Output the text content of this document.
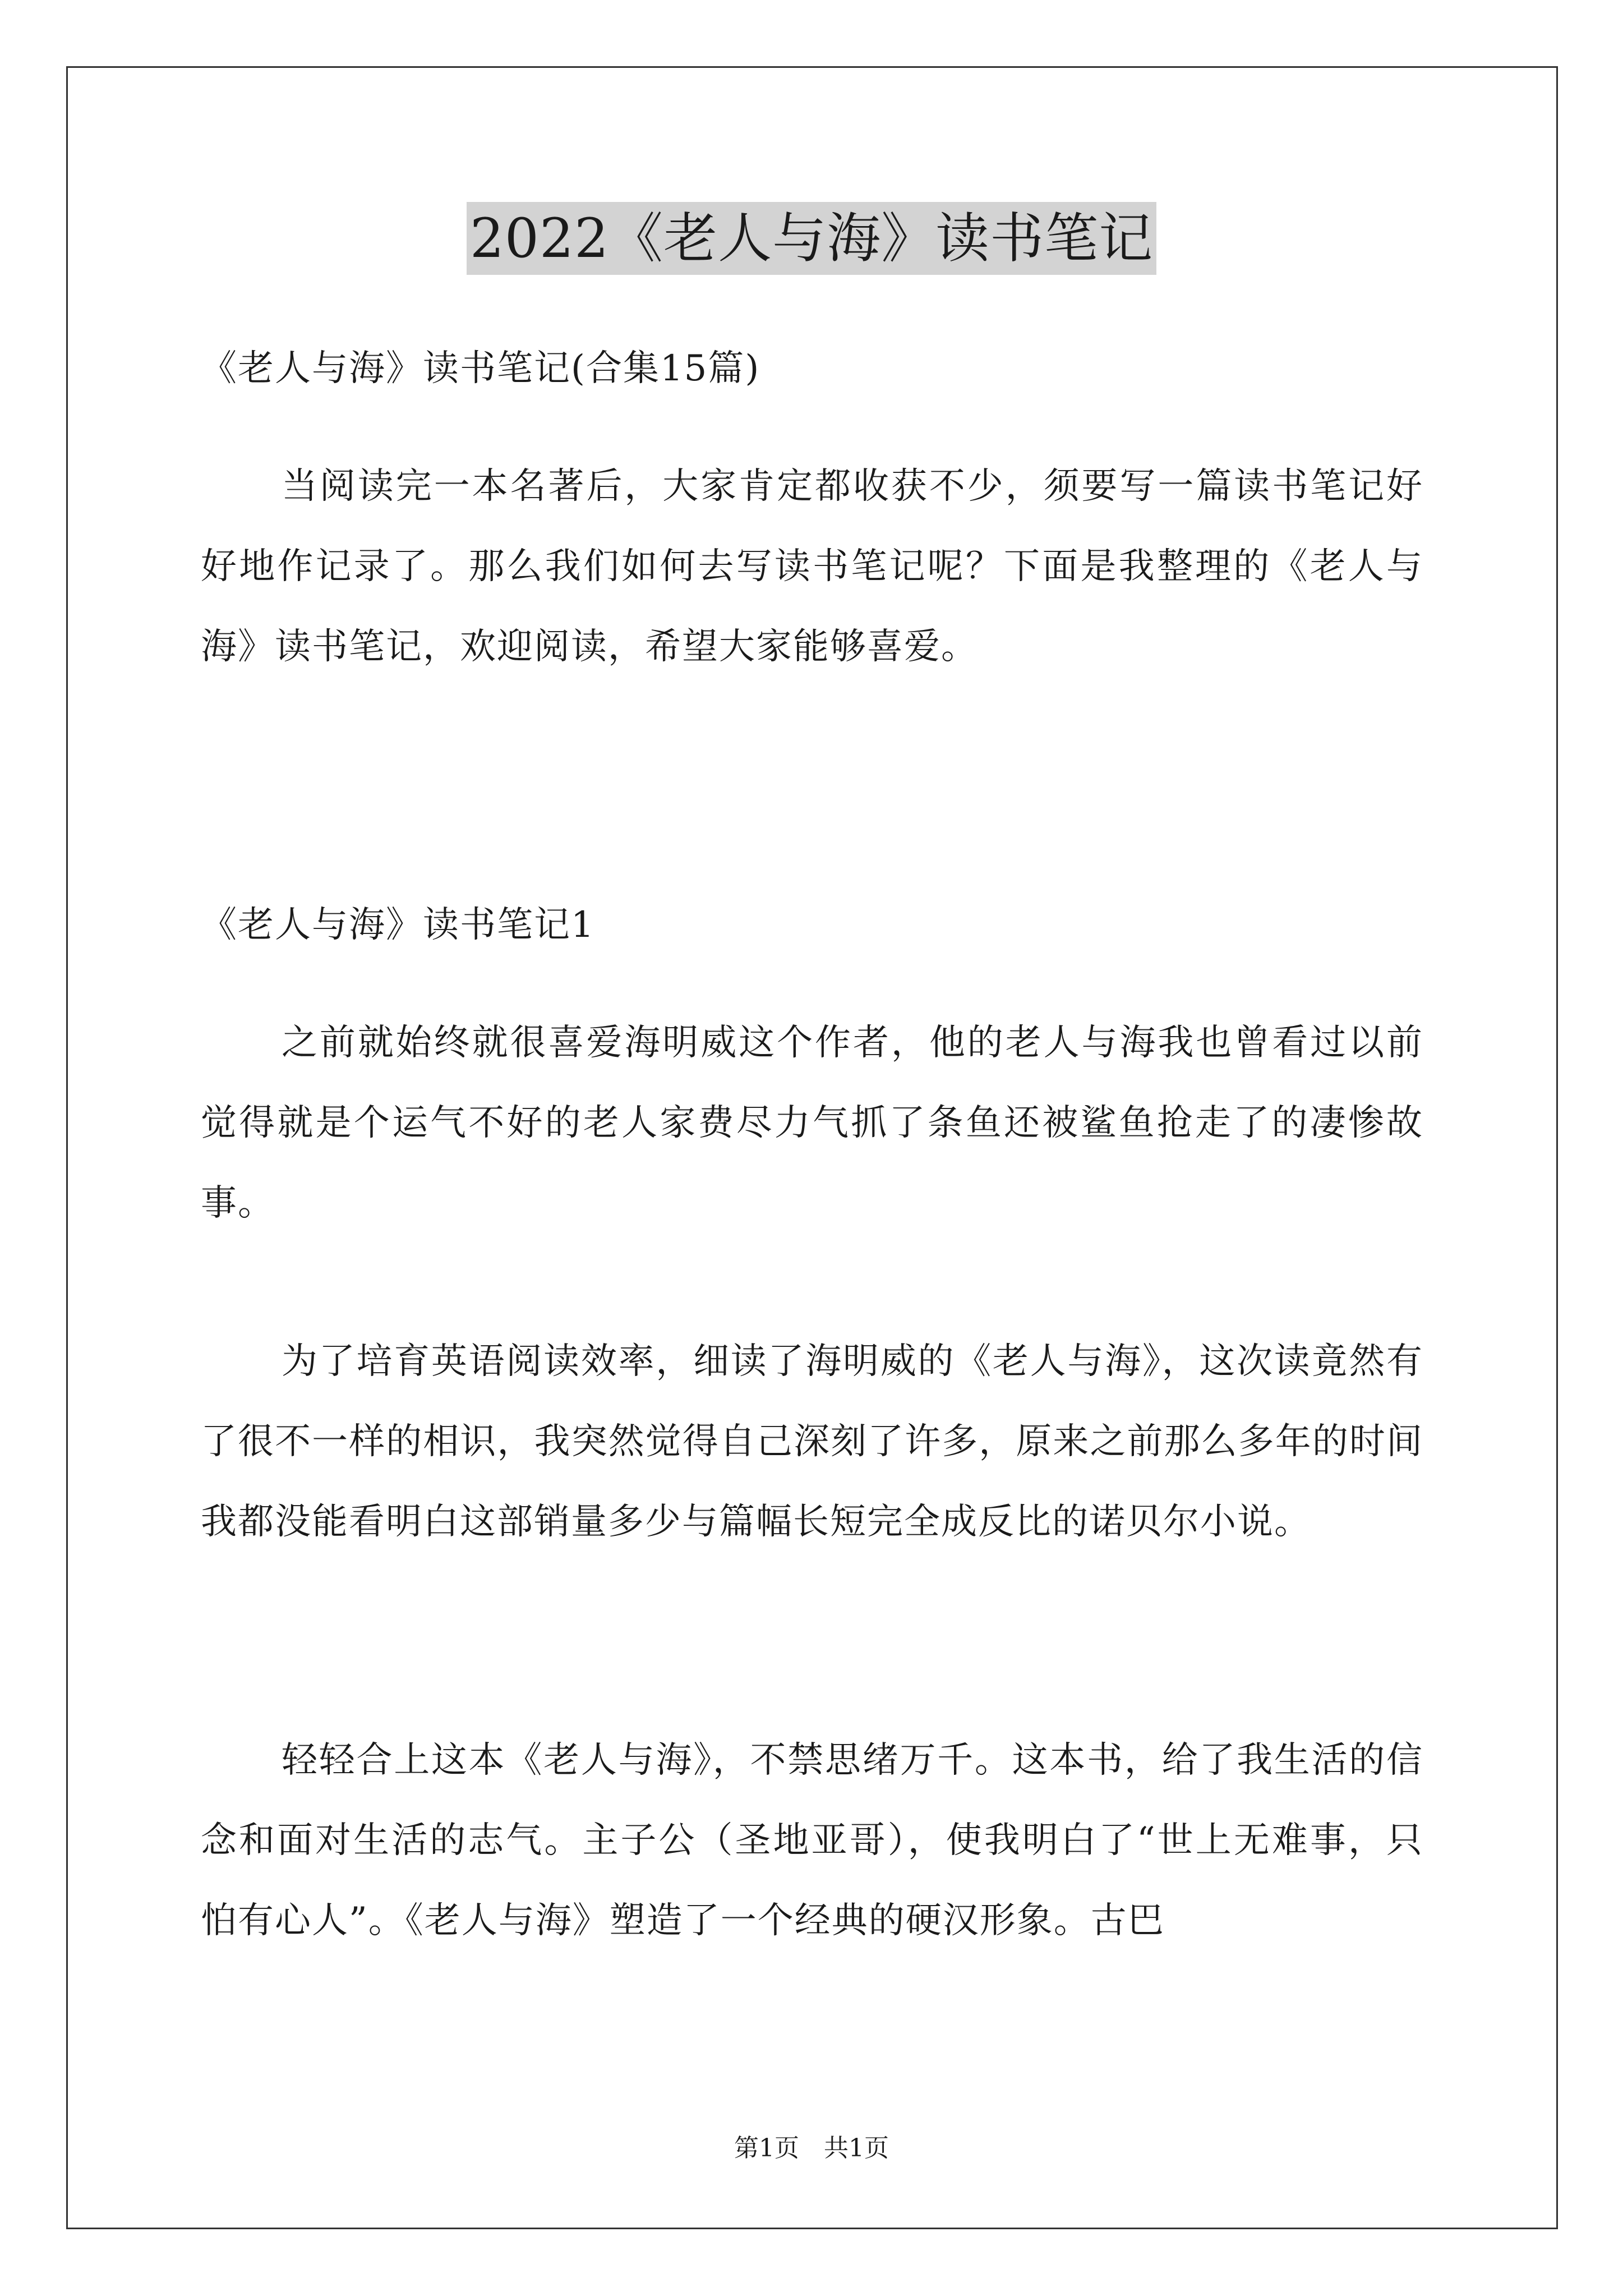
2022《老人与海》读书笔记
《老人与海》读书笔记(合集15篇)
当阅读完一本名著后，大家肯定都收获不少，须要写一篇读书笔记好好地作记录了。那么我们如何去写读书笔记呢？下面是我整理的《老人与海》读书笔记，欢迎阅读，希望大家能够喜爱。
《老人与海》读书笔记1
之前就始终就很喜爱海明威这个作者，他的老人与海我也曾看过以前觉得就是个运气不好的老人家费尽力气抓了条鱼还被鲨鱼抢走了的凄惨故事。
为了培育英语阅读效率，细读了海明威的《老人与海》，这次读竟然有了很不一样的相识，我突然觉得自己深刻了许多，原来之前那么多年的时间我都没能看明白这部销量多少与篇幅长短完全成反比的诺贝尔小说。
轻轻合上这本《老人与海》，不禁思绪万千。这本书，给了我生活的信念和面对生活的志气。主子公（圣地亚哥），使我明白了“世上无难事，只怕有心人”。《老人与海》塑造了一个经典的硬汉形象。古巴
第1页　共1页
